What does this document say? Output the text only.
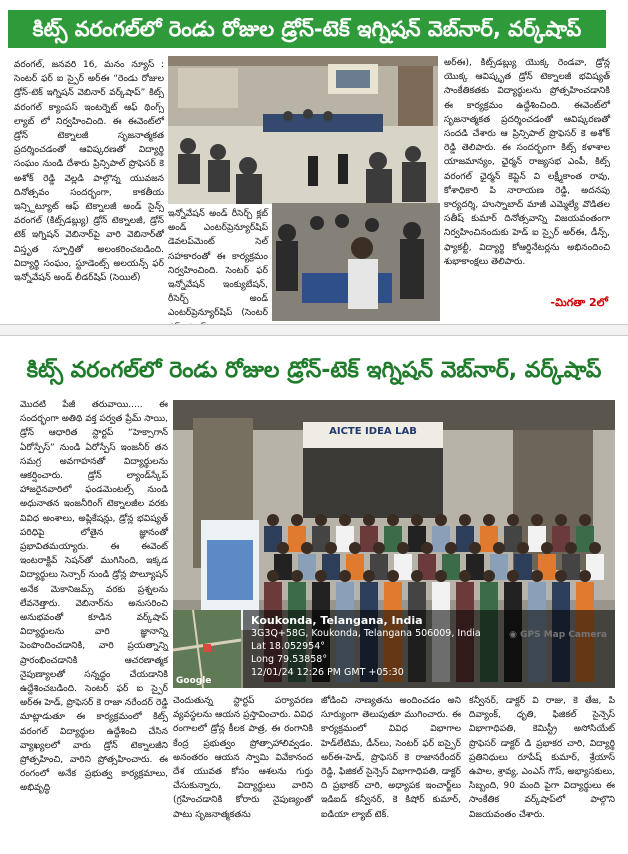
కిట్స్ వరంగల్‌లో రెండు రోజుల డ్రోన్-టెక్ ఇగ్నిషన్ వెబ్‌నార్, వర్క్‌షాప్
వరంగల్, జనవరి 16, మనం న్యూస్ : సెంటర్ ఫర్ ఐ స్పైర్ అర్ఈ “రెండు రోజుల డ్రోన్-టెక్ ఇగ్నిషన్ వెబినార్ వర్క్‌షాప్” కిట్స్ వరంగల్ క్యాంపస్ ఇంటర్నెట్ ఆఫ్ థింగ్స్ ల్యాబ్ లో నిర్వహించింది. ఈ ఈవెంట్‌లో డ్రోన్ టెక్నాలజీ సృజనాత్మకత ప్రదర్శించడంతో ఆవిష్కరణతో విద్యార్థి సంఘం నుండి దేశారు ప్రిన్సిపాల్ ప్రొఫెసర్ కె అశోక్ రెడ్డి వెల్లడి పాల్గొన్న యువజన దినోత్సవం సందర్భంగా, కాకతీయ ఇన్స్టిట్యూట్ ఆఫ్ టెక్నాలజీ అండ్ సైన్స్ వరంగల్ (కిట్స్‌డబ్ల్యు) డ్రోన్ టెక్నాలజీ, డ్రోన్ టెక్ ఇగ్నిషన్ వెబినార్‌పై వారి వెబినార్‌తో విస్తృత స్ఫూర్తితో అలంకరించబడింది. విద్యార్థి సంఘం, స్టూడెంట్స్ అలయన్స్ ఫర్ ఇన్నోవేషన్ అండ్ లీడర్‌షిప్ (సెయిల్)
ఇన్నోవేషన్ అండ్ రీసెర్చ్ క్లబ్ అండ్ ఎంటర్‌ప్రెన్యూర్‌షిప్ డెవలప్‌మెంట్ సెల్ సహకారంతో ఈ కార్యక్రమం నిర్వహించింది. సెంటర్ ఫర్ ఇన్నోవేషన్ ఇంక్యుబేషన్, రీసెర్చ్ అండ్ ఎంటర్‌ప్రెన్యూర్‌షిప్ (సెంటర్
అర్‌ఈ), కిట్స్‌డబ్ల్యు యొక్క రెండవా, డ్రోన్ల యొక్క ఆవిష్కృత డ్రోన్ టెక్నాలజీ భవిష్యత్ సాంకేతికతకు విద్యార్థులను ప్రోత్సహించడానికి ఈ కార్యక్రమం ఉద్దేశించింది. ఈవెంట్‌లో సృజనాత్మకత ప్రదర్శించడంతో ఆవిష్కరణతో సందడి చేశారు ఆ ప్రిన్సిపాల్ ప్రొఫెసర్ కె అశోక్ రెడ్డి తెలిపారు. ఈ సందర్భంగా కిట్స్ కళాశాల యాజమాన్యం, ఛైర్మన్ రాజ్యసభ ఎంపీ, కిట్స్ వరంగల్ ఛైర్మన్ కెప్టెన్ వి లక్ష్మీకాంత రావు, కోశాధికారి పి నారాయణ రెడ్డి, అదనపు కార్యదర్శి, హుస్నాబాద్ మాజీ ఎమ్మెల్యే వొడితల సతీష్ కుమార్ దినోత్సవాన్ని విజయవంతంగా నిర్వహించినందుకు హెడ్ ఐ స్పైర్ అర్‌ఈ, డీన్స్, ఫ్యాకల్టీ, విద్యార్థి కోఆర్డినేటర్లను అభినందించి శుభాకాంక్షలు తెలిపారు.
-మిగతా 2లో
కిట్స్ వరంగల్‌లో రెండు రోజుల డ్రోన్-టెక్ ఇగ్నిషన్ వెబ్‌నార్, వర్క్‌షాప్
మొదటి పేజీ తరువాయి..... ఈ సందర్భంగా అతిథి వక్త పర్వత ప్రేమ్ సాయి, డ్రోన్ ఆధారిత స్టార్టప్ “హెక్సాగాన్ ఏరోస్పేస్” నుండి ఏరోస్పేస్ ఇంజనీర్ తన సమగ్ర అవగాహనతో విద్యార్థులను ఆకర్షించారు. డ్రోన్ ల్యాండ్‌స్కేప్ హాజరైనవారిలో ఫండమెంటల్స్ నుండి అధునాతన ఇంజనీరింగ్ టెక్నాలజీల వరకు వివిధ అంశాలు, అప్లికేషన్లు, డ్రోన్ల భవిష్యత్ పరిధిపై లోతైన జ్ఞానంతో ప్రభావితమయ్యారు. ఈ ఈవెంట్ ఇంటరాక్టివ్ సెషన్‌తో ముగిసింది, ఇక్కడ విద్యార్థులు సెన్సార్ నుండి డ్రోన్ల పొల్యూషన్ అనేక మెకానిజమ్స్ వరకు ప్రశ్నలను లేవనెత్తారు. వెబినార్‌ను అనుసరించి అనుభవంతో కూడిన వర్క్‌షాప్ విద్యార్థులను వారి జ్ఞానాన్ని పెంపొందించడానికి, వారి ప్రయత్నాన్ని ప్రారంభించడానికి ఆచరణాత్మక నైపుణ్యాలతో సన్నద్ధం చేయడానికి ఉద్దేశించబడింది. సెంటర్ ఫర్ ఐ స్పైర్ అర్‌ఈ హెడ్, ప్రొఫెసర్ కె రాజా నరేందర్ రెడ్డి మాట్లాడుతూ ఈ కార్యక్రమంలో కిట్స్ వరంగల్ విద్యార్థుల ఉద్దేశించి చేసిన వ్యాఖ్యలలో వారు డ్రోన్ టెక్నాలజీని ప్రోత్సహించి, వారిని ప్రోత్సహించారు. ఈ రంగంలో అనేక ప్రభుత్వ కార్యక్రమాలు, అభివృద్ధి
AICTE IDEA LAB
Google
Koukonda, Telangana, India
3G3Q+58G, Koukonda, Telangana 506009, India
Lat 18.052954°
Long 79.53858°
12/01/24 12:26 PM GMT +05:30
చెందుతున్న స్టార్టప్ పర్యావరణ వ్యవస్థలను ఆయన ప్రస్తావించారు. వివిధ రంగాలలో డ్రోన్ల కీలక పాత్ర, ఈ రంగానికి కేంద్ర ప్రభుత్వం ప్రోత్సాహాలివ్వడం. అనంతరం ఆయన స్వామి వివేకానంద దేశ యువత కోసం ఆశలను గుర్తు చేసుకున్నారు, విద్యార్థులు వారిని (గ్రహించడానికి కోరారు నైపుణ్యంతో పాటు సృజనాత్మకతను
జోడించి నాణ్యతను అందించడం అని సూర్యుంగా తెలుపుతూ ముగించారు. ఈ కార్యక్రమంలో వివిధ విభాగాల హెడ్‌లేటిమ, డీన్‌లు, సెంటర్ ఫర్ ఐస్పైర్ అర్‌ఈ-హెడ్, ప్రొఫెసర్ కె రాజానరేందర్ రెడ్డి, ఫిజికల్ సైన్సెస్ విభాగాధిపతి, డాక్టర్ ది ప్రభాకర్ చారి, అధ్యాపక ఇంచార్జ్‌లు ఇడిఐడ్ కన్వీనర్, కె కిషోర్ కుమార్, ఐడియా ల్యాబ్ టెక్.
కన్వీనర్, డాక్టర్ వి రాజు, కె తేజ, పి దివ్యాంక్, ధృతి, ఫిజికల్ సైన్సెస్ విభాగాధిపతి, కెమిస్ట్రీ అసోసియేట్ ప్రొఫెసర్ డాక్టర్ డి ప్రభాకర చారి, విద్యార్థి ప్రతినిధులు రూపేష్ కుమార్, శ్రేయాస్ ఉపాల, శ్రావ్య, ఎంఎస్ గౌస్, అభ్యాసకులు, సిబ్బంది, 90 మంది పైగా విద్యార్థులు ఈ సాంకేతిక వర్క్‌షాప్‌లో పాల్గొని విజయవంతం చేశారు.
